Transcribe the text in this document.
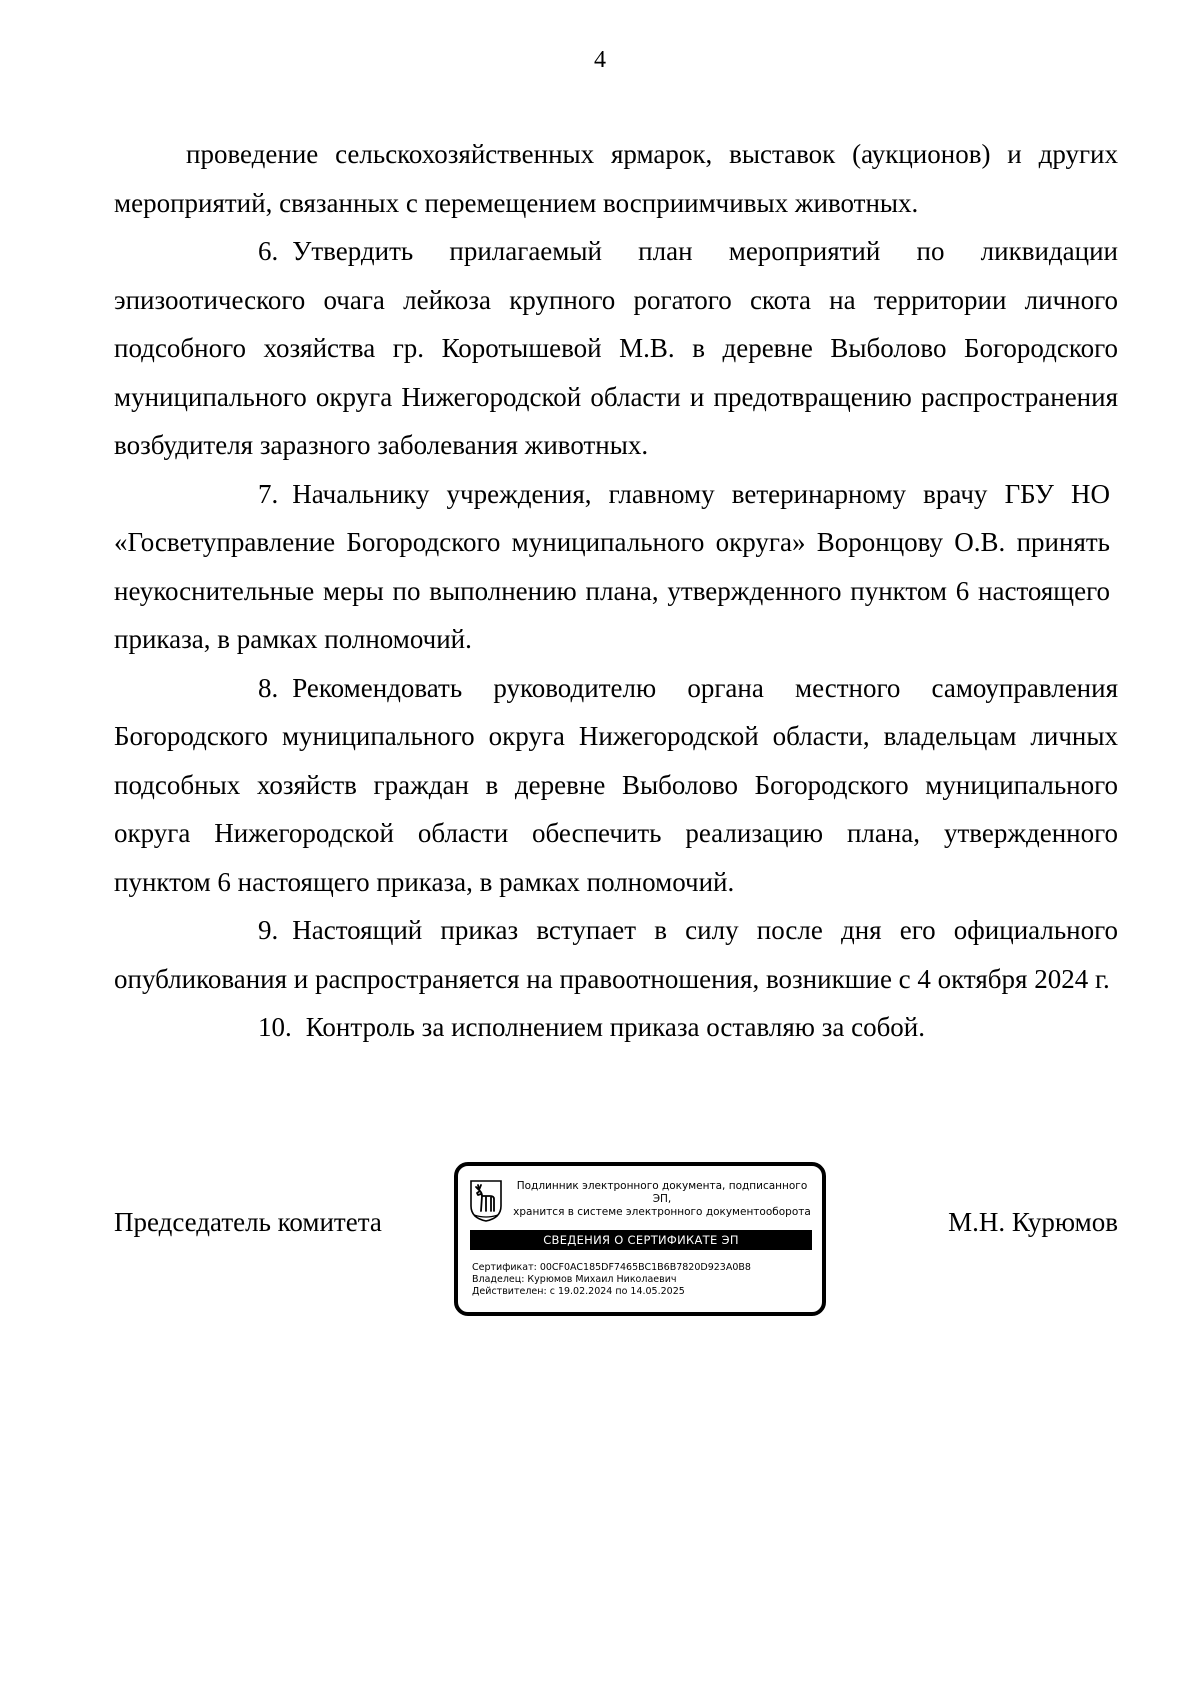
4

проведение сельскохозяйственных ярмарок, выставок (аукционов) и других мероприятий, связанных с перемещением восприимчивых животных.

6. Утвердить прилагаемый план мероприятий по ликвидации эпизоотического очага лейкоза крупного рогатого скота на территории личного подсобного хозяйства гр. Коротышевой М.В. в деревне Выболово Богородского муниципального округа Нижегородской области и предотвращению распространения возбудителя заразного заболевания животных.

7. Начальнику учреждения, главному ветеринарному врачу ГБУ НО «Госветуправление Богородского муниципального округа» Воронцову О.В. принять неукоснительные меры по выполнению плана, утвержденного пунктом 6 настоящего приказа, в рамках полномочий.

8. Рекомендовать руководителю органа местного самоуправления Богородского муниципального округа Нижегородской области, владельцам личных подсобных хозяйств граждан в деревне Выболово Богородского муниципального округа Нижегородской области обеспечить реализацию плана, утвержденного пунктом 6 настоящего приказа, в рамках полномочий.

9. Настоящий приказ вступает в силу после дня его официального опубликования и распространяется на правоотношения, возникшие с 4 октября 2024 г.

10. Контроль за исполнением приказа оставляю за собой.

Председатель комитета
Подлинник электронного документа, подписанного ЭП,
хранится в системе электронного документооборота
СВЕДЕНИЯ О СЕРТИФИКАТЕ ЭП
Сертификат: 00CF0AC185DF7465BC1B6B7820D923A0B8
Владелец: Курюмов Михаил Николаевич
Действителен: с 19.02.2024 по 14.05.2025
М.Н. Курюмов
